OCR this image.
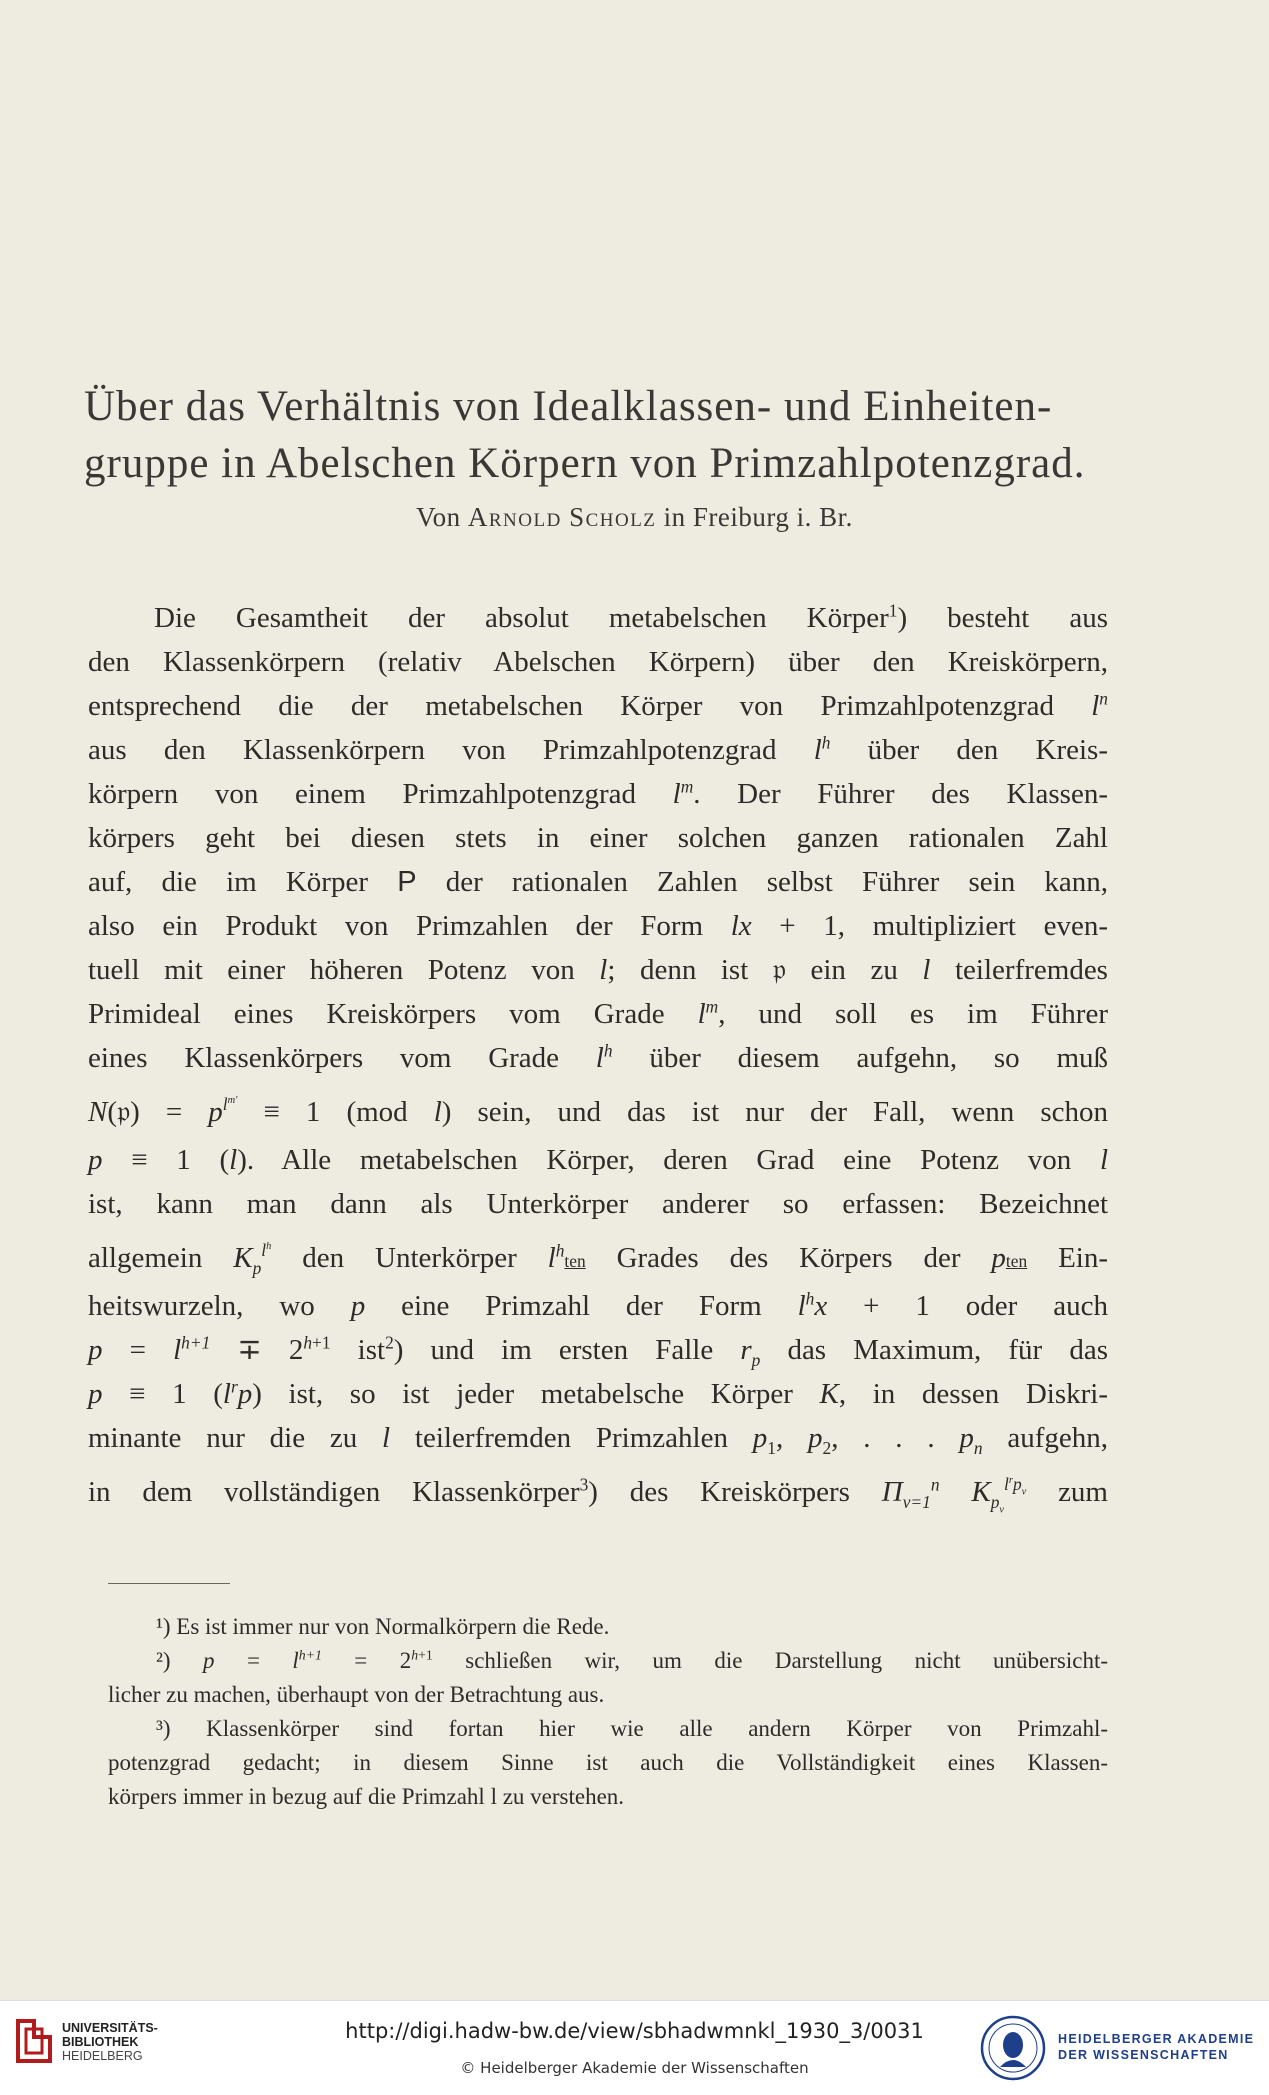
Über das Verhältnis von Idealklassen- und Einheiten-
gruppe in Abelschen Körpern von Primzahlpotenzgrad.
Von Arnold Scholz in Freiburg i. Br.
Die Gesamtheit der absolut metabelschen Körper$^1$) besteht aus
den Klassenkörpern (relativ Abelschen Körpern) über den Kreiskörpern,
entsprechend die der metabelschen Körper von Primzahlpotenzgrad $l^n$
aus den Klassenkörpern von Primzahlpotenzgrad $l^h$ über den Kreis-
körpern von einem Primzahlpotenzgrad $l^m$. Der Führer des Klassen-
körpers geht bei diesen stets in einer solchen ganzen rationalen Zahl
auf, die im Körper P der rationalen Zahlen selbst Führer sein kann,
also ein Produkt von Primzahlen der Form lx + 1, multipliziert even-
tuell mit einer höheren Potenz von l; denn ist 𝔭 ein zu l teilerfremdes
Primideal eines Kreiskörpers vom Grade $l^m$, und soll es im Führer
eines Klassenkörpers vom Grade $l^h$ über diesem aufgehn, so muß
N(𝔭) = $p^{l^{m'}} \equiv 1$ (mod l) sein, und das ist nur der Fall, wenn schon
p ≡ 1 (l). Alle metabelschen Körper, deren Grad eine Potenz von l
ist, kann man dann als Unterkörper anderer so erfassen: Bezeichnet
allgemein $K_p^{l^h}$ den Unterkörper $l^hten$ Grades des Körpers der pten Ein-
heitswurzeln, wo p eine Primzahl der Form $l^hx + 1$ oder auch
$p = l^{h+1} \mp 2^{h+1}$ ist$^2$) und im ersten Falle $r_p$ das Maximum, für das
p ≡ 1 $(l^rp)$ ist, so ist jeder metabelsche Körper K, in dessen Diskri-
minante nur die zu l teilerfremden Primzahlen $p_1$, $p_2$, . . . $p_n$ aufgehn,
in dem vollständigen Klassenkörper$^3$) des Kreiskörpers $\Pi_{\nu=1}^n$ $K_{p_\nu}^{l^rp_\nu}$ zum
¹) Es ist immer nur von Normalkörpern die Rede.
²) $p = l^{h+1} = 2^{h+1}$ schließen wir, um die Darstellung nicht unübersicht-
licher zu machen, überhaupt von der Betrachtung aus.
³) Klassenkörper sind fortan hier wie alle andern Körper von Primzahl-
potenzgrad gedacht; in diesem Sinne ist auch die Vollständigkeit eines Klassen-
körpers immer in bezug auf die Primzahl l zu verstehen.
UNIVERSITÄTS-
BIBLIOTHEK
HEIDELBERG
http://digi.hadw-bw.de/view/sbhadwmnkl_1930_3/0031
© Heidelberger Akademie der Wissenschaften
HEIDELBERGER AKADEMIE
DER WISSENSCHAFTEN
